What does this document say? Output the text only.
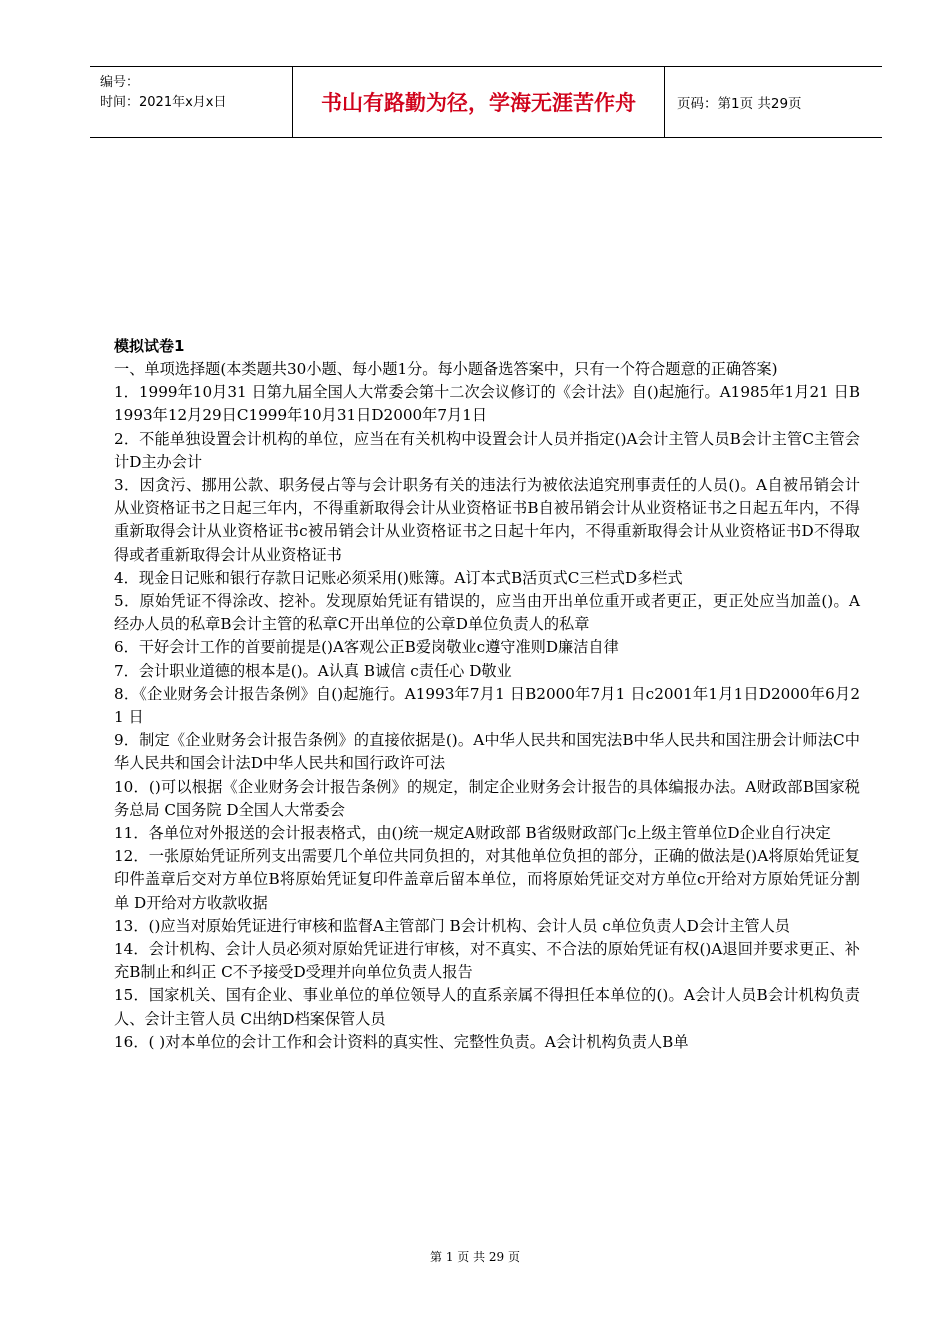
编号：
时间：2021年x月x日	书山有路勤为径，学海无涯苦作舟	页码：第1页 共29页

模拟试卷1

一、单项选择题(本类题共30小题、每小题1分。每小题备选答案中，只有一个符合题意的正确答案)

1．1999年10月31 日第九届全国人大常委会第十二次会议修订的《会计法》自()起施行。A1985年1月21 日B1993年12月29日C1999年10月31日D2000年7月1日

2．不能单独设置会计机构的单位，应当在有关机构中设置会计人员并指定()A会计主管人员B会计主管C主管会计D主办会计

3．因贪污、挪用公款、职务侵占等与会计职务有关的违法行为被依法追究刑事责任的人员()。A自被吊销会计从业资格证书之日起三年内，不得重新取得会计从业资格证书B自被吊销会计从业资格证书之日起五年内，不得重新取得会计从业资格证书c被吊销会计从业资格证书之日起十年内，不得重新取得会计从业资格证书D不得取得或者重新取得会计从业资格证书

4．现金日记账和银行存款日记账必须采用()账簿。A订本式B活页式C三栏式D多栏式

5．原始凭证不得涂改、挖补。发现原始凭证有错误的，应当由开出单位重开或者更正，更正处应当加盖()。A经办人员的私章B会计主管的私章C开出单位的公章D单位负责人的私章

6．干好会计工作的首要前提是()A客观公正B爱岗敬业c遵守准则D廉洁自律

7．会计职业道德的根本是()。A认真 B诚信 c责任心 D敬业

8．《企业财务会计报告条例》自()起施行。A1993年7月1 日B2000年7月1 日c2001年1月1日D2000年6月21 日

9．制定《企业财务会计报告条例》的直接依据是()。A中华人民共和国宪法B中华人民共和国注册会计师法C中华人民共和国会计法D中华人民共和国行政许可法

10．()可以根据《企业财务会计报告条例》的规定，制定企业财务会计报告的具体编报办法。A财政部B国家税务总局 C国务院 D全国人大常委会

11．各单位对外报送的会计报表格式，由()统一规定A财政部 B省级财政部门c上级主管单位D企业自行决定

12．一张原始凭证所列支出需要几个单位共同负担的，对其他单位负担的部分，正确的做法是()A将原始凭证复印件盖章后交对方单位B将原始凭证复印件盖章后留本单位，而将原始凭证交对方单位c开给对方原始凭证分割单 D开给对方收款收据

13．()应当对原始凭证进行审核和监督A主管部门 B会计机构、会计人员 c单位负责人D会计主管人员

14．会计机构、会计人员必须对原始凭证进行审核，对不真实、不合法的原始凭证有权()A退回并要求更正、补充B制止和纠正 C不予接受D受理并向单位负责人报告

15．国家机关、国有企业、事业单位的单位领导人的直系亲属不得担任本单位的()。A会计人员B会计机构负责人、会计主管人员 C出纳D档案保管人员

16．( )对本单位的会计工作和会计资料的真实性、完整性负责。A会计机构负责人B单

第 1 页 共 29 页
